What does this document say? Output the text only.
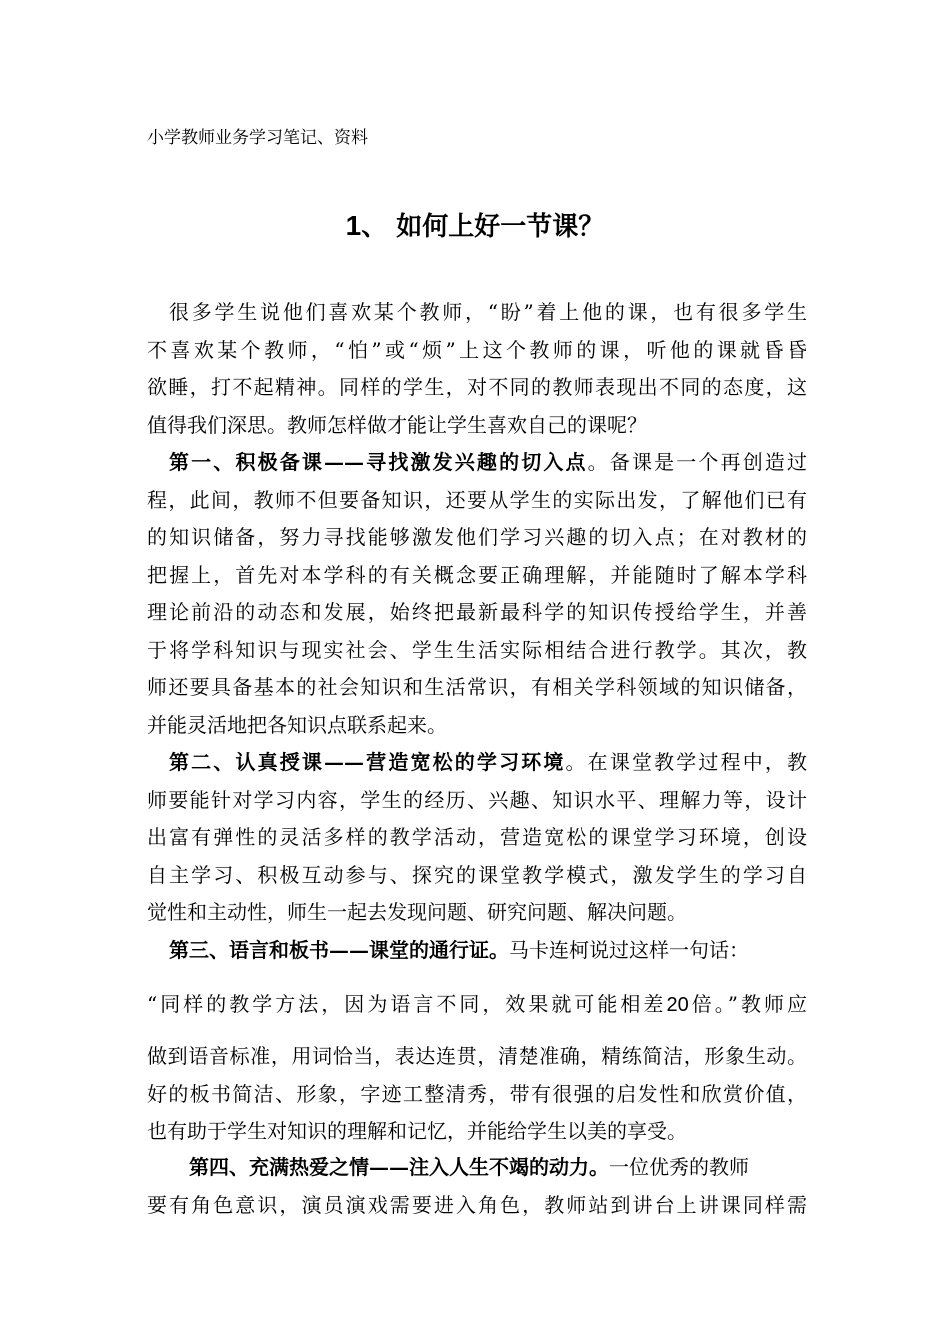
小学教师业务学习笔记、资料
1、 如何上好一节课？
很多学生说他们喜欢某个教师，“盼”着上他的课，也有很多学生
不喜欢某个教师，“怕”或“烦”上这个教师的课，听他的课就昏昏
欲睡，打不起精神。同样的学生，对不同的教师表现出不同的态度，这
值得我们深思。教师怎样做才能让学生喜欢自己的课呢？
第一、积极备课——寻找激发兴趣的切入点。备课是一个再创造过
程，此间，教师不但要备知识，还要从学生的实际出发，了解他们已有
的知识储备，努力寻找能够激发他们学习兴趣的切入点；在对教材的
把握上，首先对本学科的有关概念要正确理解，并能随时了解本学科
理论前沿的动态和发展，始终把最新最科学的知识传授给学生，并善
于将学科知识与现实社会、学生生活实际相结合进行教学。其次，教
师还要具备基本的社会知识和生活常识，有相关学科领域的知识储备，
并能灵活地把各知识点联系起来。
第二、认真授课——营造宽松的学习环境。在课堂教学过程中，教
师要能针对学习内容，学生的经历、兴趣、知识水平、理解力等，设计
出富有弹性的灵活多样的教学活动，营造宽松的课堂学习环境，创设
自主学习、积极互动参与、探究的课堂教学模式，激发学生的学习自
觉性和主动性，师生一起去发现问题、研究问题、解决问题。
第三、语言和板书——课堂的通行证。马卡连柯说过这样一句话：
“同样的教学方法，因为语言不同，效果就可能相差20倍。”教师应
做到语音标准，用词恰当，表达连贯，清楚准确，精练简洁，形象生动。
好的板书简洁、形象，字迹工整清秀，带有很强的启发性和欣赏价值，
也有助于学生对知识的理解和记忆，并能给学生以美的享受。
第四、充满热爱之情——注入人生不竭的动力。一位优秀的教师
要有角色意识，演员演戏需要进入角色，教师站到讲台上讲课同样需
